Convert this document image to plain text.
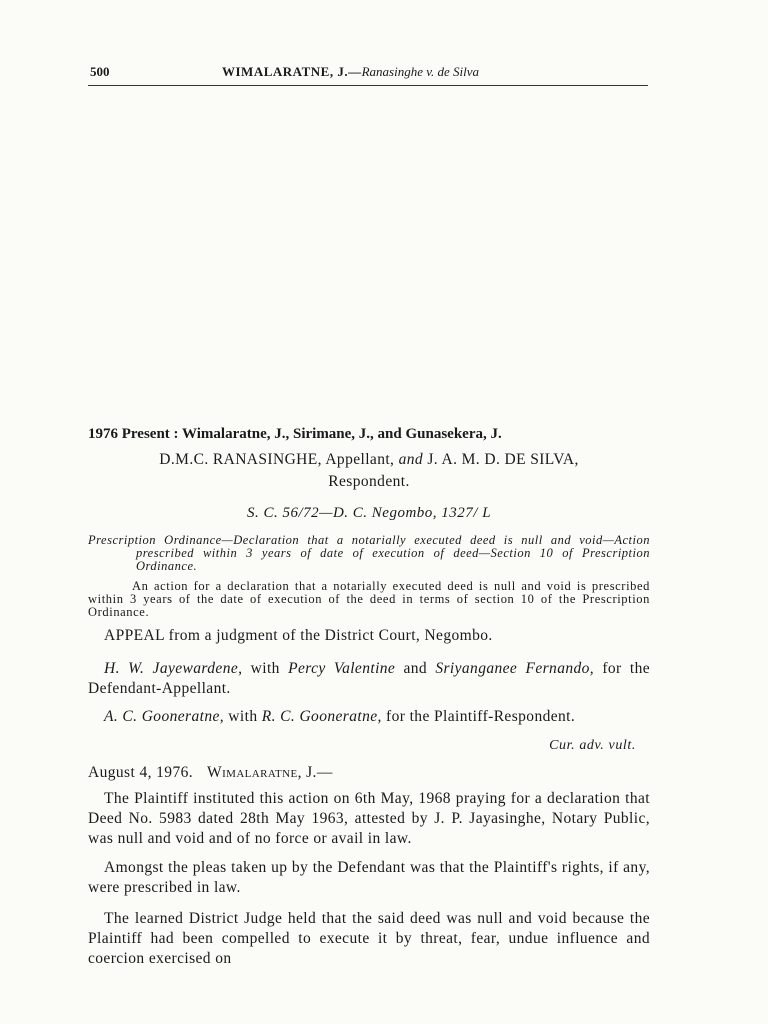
500	WIMALARATNE, J.—Ranasinghe v. de Silva

1976 Present : Wimalaratne, J., Sirimane, J., and Gunasekera, J.

D.M.C. RANASINGHE, Appellant, and J. A. M. D. DE SILVA,
Respondent.

S. C. 56/72—D. C. Negombo, 1327/ L

Prescription Ordinance—Declaration that a notarially executed deed is null and void—Action prescribed within 3 years of date of execution of deed—Section 10 of Prescription Ordinance.

An action for a declaration that a notarially executed deed is null and void is prescribed within 3 years of the date of execution of the deed in terms of section 10 of the Prescription Ordinance.

APPEAL from a judgment of the District Court, Negombo.

H. W. Jayewardene, with Percy Valentine and Sriyanganee Fernando, for the Defendant-Appellant.

A. C. Gooneratne, with R. C. Gooneratne, for the Plaintiff-Respondent.

Cur. adv. vult.

August 4, 1976. Wimalaratne, J.—

The Plaintiff instituted this action on 6th May, 1968 praying for a declaration that Deed No. 5983 dated 28th May 1963, attested by J. P. Jayasinghe, Notary Public, was null and void and of no force or avail in law.

Amongst the pleas taken up by the Defendant was that the Plaintiff's rights, if any, were prescribed in law.

The learned District Judge held that the said deed was null and void because the Plaintiff had been compelled to execute it by threat, fear, undue influence and coercion exercised on
